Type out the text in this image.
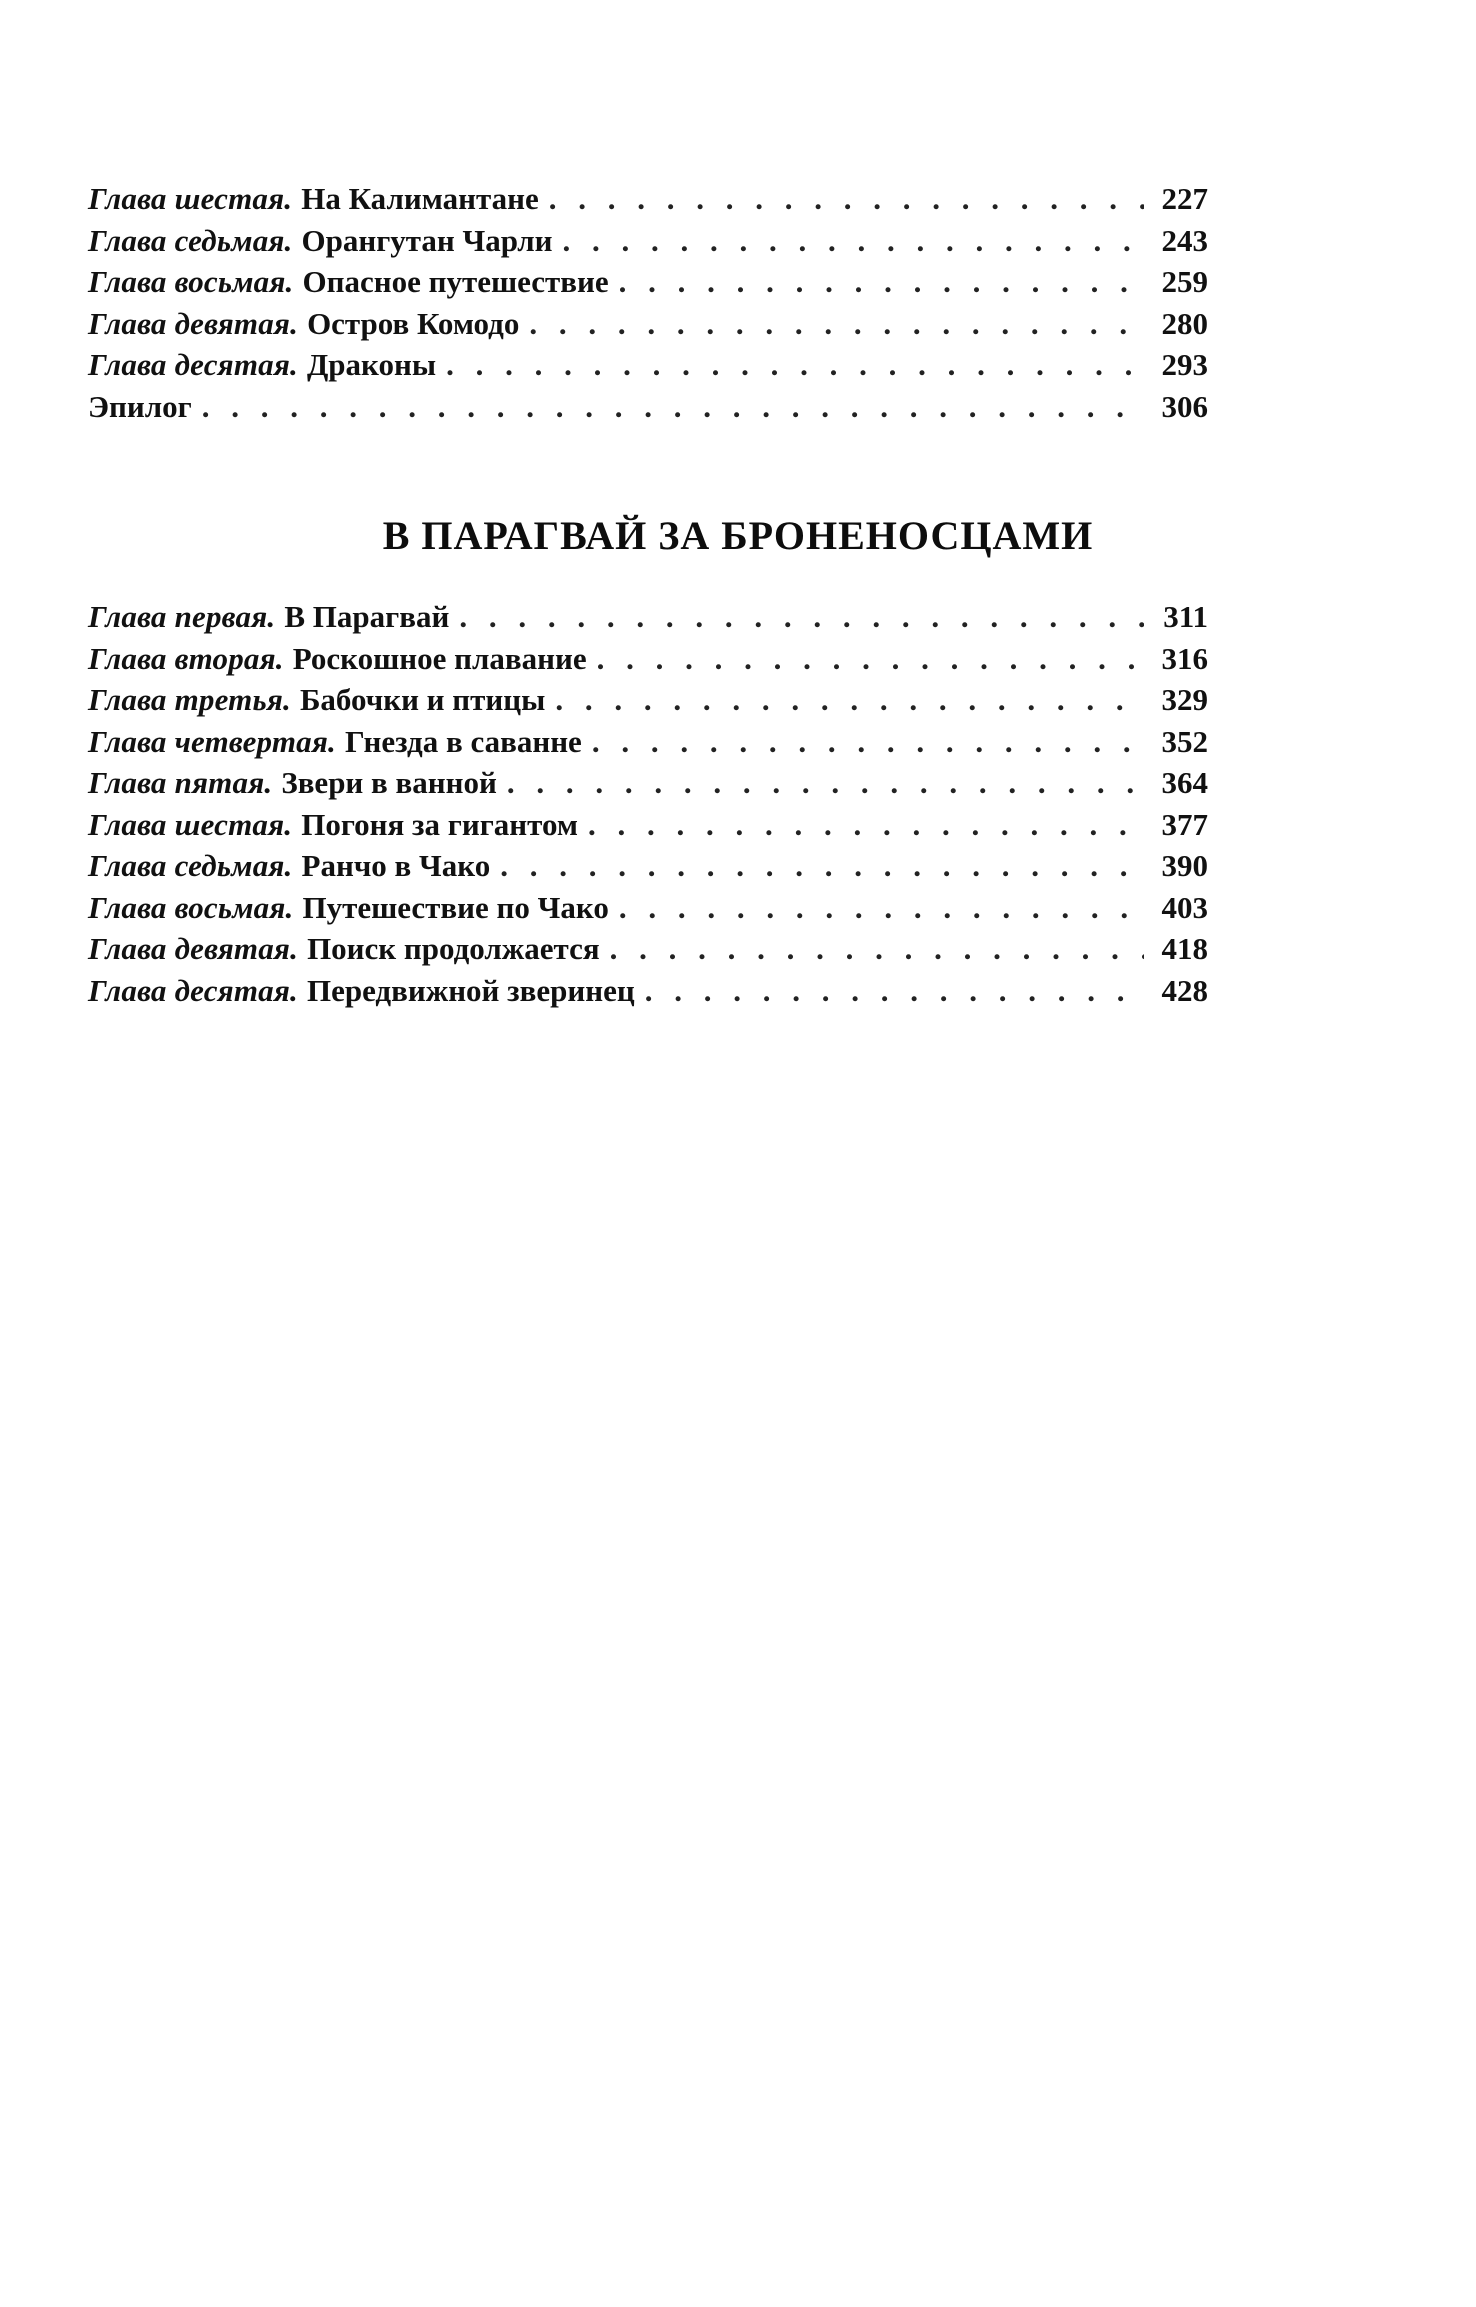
Глава шестая. На Калимантане . . .	227
Глава седьмая. Орангутан Чарли . . .	243
Глава восьмая. Опасное путешествие . . .	259
Глава девятая. Остров Комодо . . .	280
Глава десятая. Драконы . . .	293
Эпилог . . .	306
В ПАРАГВАЙ ЗА БРОНЕНОСЦАМИ
Глава первая. В Парагвай . . .	311
Глава вторая. Роскошное плавание . . .	316
Глава третья. Бабочки и птицы . . .	329
Глава четвертая. Гнезда в саванне . . .	352
Глава пятая. Звери в ванной . . .	364
Глава шестая. Погоня за гигантом . . .	377
Глава седьмая. Ранчо в Чако . . .	390
Глава восьмая. Путешествие по Чако . . .	403
Глава девятая. Поиск продолжается . . .	418
Глава десятая. Передвижной зверинец . . .	428
